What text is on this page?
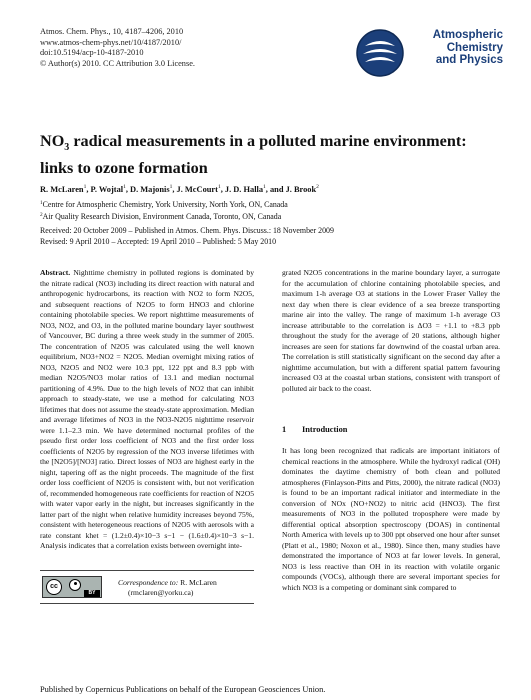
Atmos. Chem. Phys., 10, 4187–4206, 2010
www.atmos-chem-phys.net/10/4187/2010/
doi:10.5194/acp-10-4187-2010
© Author(s) 2010. CC Attribution 3.0 License.
Atmospheric
Chemistry
and Physics
$NO_3$ radical measurements in a polluted marine environment:
links to ozone formation
R. McLaren$^1$, P. Wojtal$^1$, D. Majonis$^1$, J. McCourt$^1$, J. D. Halla$^1$, and J. Brook$^2$
$^1$Centre for Atmospheric Chemistry, York University, North York, ON, Canada
$^2$Air Quality Research Division, Environment Canada, Toronto, ON, Canada
Received: 20 October 2009 – Published in Atmos. Chem. Phys. Discuss.: 18 November 2009
Revised: 9 April 2010 – Accepted: 19 April 2010 – Published: 5 May 2010
Abstract. Nighttime chemistry in polluted regions is dominated by the nitrate radical (NO3) including its direct reaction with natural and anthropogenic hydrocarbons, its reaction with NO2 to form N2O5, and subsequent reactions of N2O5 to form HNO3 and chlorine containing photolabile species. We report nighttime measurements of NO3, NO2, and O3, in the polluted marine boundary layer southwest of Vancouver, BC during a three week study in the summer of 2005. The concentration of N2O5 was calculated using the well known equilibrium, NO3+NO2 = N2O5. Median overnight mixing ratios of NO3, N2O5 and NO2 were 10.3 ppt, 122 ppt and 8.3 ppb with median N2O5/NO3 molar ratios of 13.1 and median nocturnal partitioning of 4.9%. Due to the high levels of NO2 that can inhibit approach to steady-state, we use a method for calculating NO3 lifetimes that does not assume the steady-state approximation. Median and average lifetimes of NO3 in the NO3-N2O5 nighttime reservoir were 1.1–2.3 min. We have determined nocturnal profiles of the pseudo first order loss coefficient of NO3 and the first order loss coefficients of N2O5 by regression of the NO3 inverse lifetimes with the [N2O5]/[NO3] ratio. Direct losses of NO3 are highest early in the night, tapering off as the night proceeds. The magnitude of the first order loss coefficient of N2O5 is consistent with, but not verification of, recommended homogeneous rate coefficients for reaction of N2O5 with water vapor early in the night, but increases significantly in the latter part of the night when relative humidity increases beyond 75%, consistent with heterogeneous reactions of N2O5 with aerosols with a rate constant khet = (1.2±0.4)×10−3 s−1 − (1.6±0.4)×10−3 s−1. Analysis indicates that a correlation exists between overnight inte-
grated N2O5 concentrations in the marine boundary layer, a surrogate for the accumulation of chlorine containing photolabile species, and maximum 1-h average O3 at stations in the Lower Fraser Valley the next day when there is clear evidence of a sea breeze transporting marine air into the valley. The range of maximum 1-h average O3 increase attributable to the correlation is ΔO3 = +1.1 to +8.3 ppb throughout the study for the average of 20 stations, although higher increases are seen for stations far downwind of the coastal urban area. The correlation is still statistically significant on the second day after a nighttime accumulation, but with a different spatial pattern favouring increased O3 at the coastal urban stations, consistent with transport of polluted air back to the coast.
1 Introduction
It has long been recognized that radicals are important initiators of chemical reactions in the atmosphere. While the hydroxyl radical (OH) dominates the daytime chemistry of both clean and polluted atmospheres (Finlayson-Pitts and Pitts, 2000), the nitrate radical (NO3) is found to be an important radical initiator and intermediate in the conversion of NOx (NO+NO2) to nitric acid (HNO3). The first measurements of NO3 in the polluted troposphere were made by differential optical absorption spectroscopy (DOAS) in continental North America with levels up to 300 ppt observed one hour after sunset (Platt et al., 1980; Noxon et al., 1980). Since then, many studies have demonstrated the importance of NO3 at far lower levels. In general, NO3 is less reactive than OH in its reaction with volatile organic compounds (VOCs), although there are several important species for which NO3 is a competing or dominant sink compared to
cc
BY
Correspondence to: R. McLaren
(rmclaren@yorku.ca)
Published by Copernicus Publications on behalf of the European Geosciences Union.
